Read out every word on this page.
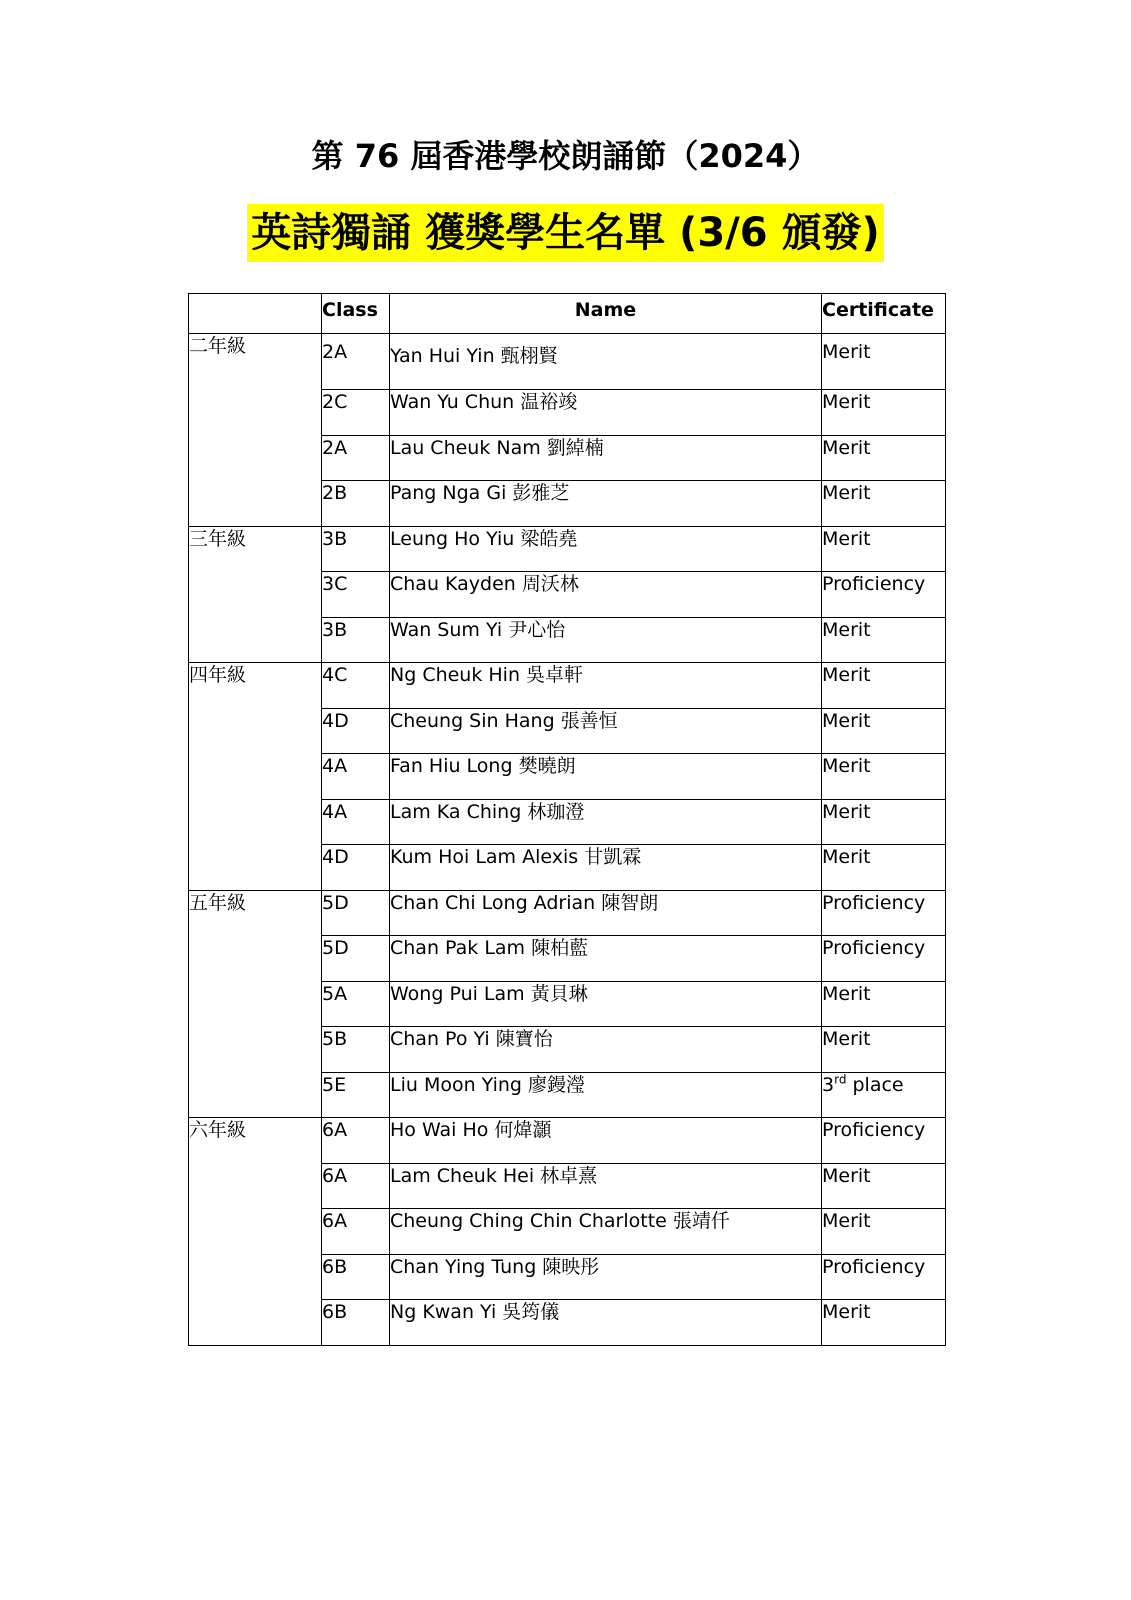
第 76 屆香港學校朗誦節（2024）
英詩獨誦 獲獎學生名單 (3/6 頒發)
	Class	Name	Certificate
二年級	2A	Yan Hui Yin 甄栩賢	Merit
	2C	Wan Yu Chun 温裕竣	Merit
	2A	Lau Cheuk Nam 劉綽楠	Merit
	2B	Pang Nga Gi 彭雅芝	Merit
三年級	3B	Leung Ho Yiu 梁皓堯	Merit
	3C	Chau Kayden 周沃林	Proficiency
	3B	Wan Sum Yi 尹心怡	Merit
四年級	4C	Ng Cheuk Hin 吳卓軒	Merit
	4D	Cheung Sin Hang 張善恒	Merit
	4A	Fan Hiu Long 樊曉朗	Merit
	4A	Lam Ka Ching 林珈澄	Merit
	4D	Kum Hoi Lam Alexis 甘凱霖	Merit
五年級	5D	Chan Chi Long Adrian 陳智朗	Proficiency
	5D	Chan Pak Lam 陳柏藍	Proficiency
	5A	Wong Pui Lam 黃貝琳	Merit
	5B	Chan Po Yi 陳寶怡	Merit
	5E	Liu Moon Ying 廖鏝瀅	3rd place
六年級	6A	Ho Wai Ho 何煒灝	Proficiency
	6A	Lam Cheuk Hei 林卓熹	Merit
	6A	Cheung Ching Chin Charlotte 張靖仟	Merit
	6B	Chan Ying Tung 陳映彤	Proficiency
	6B	Ng Kwan Yi 吳筠儀	Merit
